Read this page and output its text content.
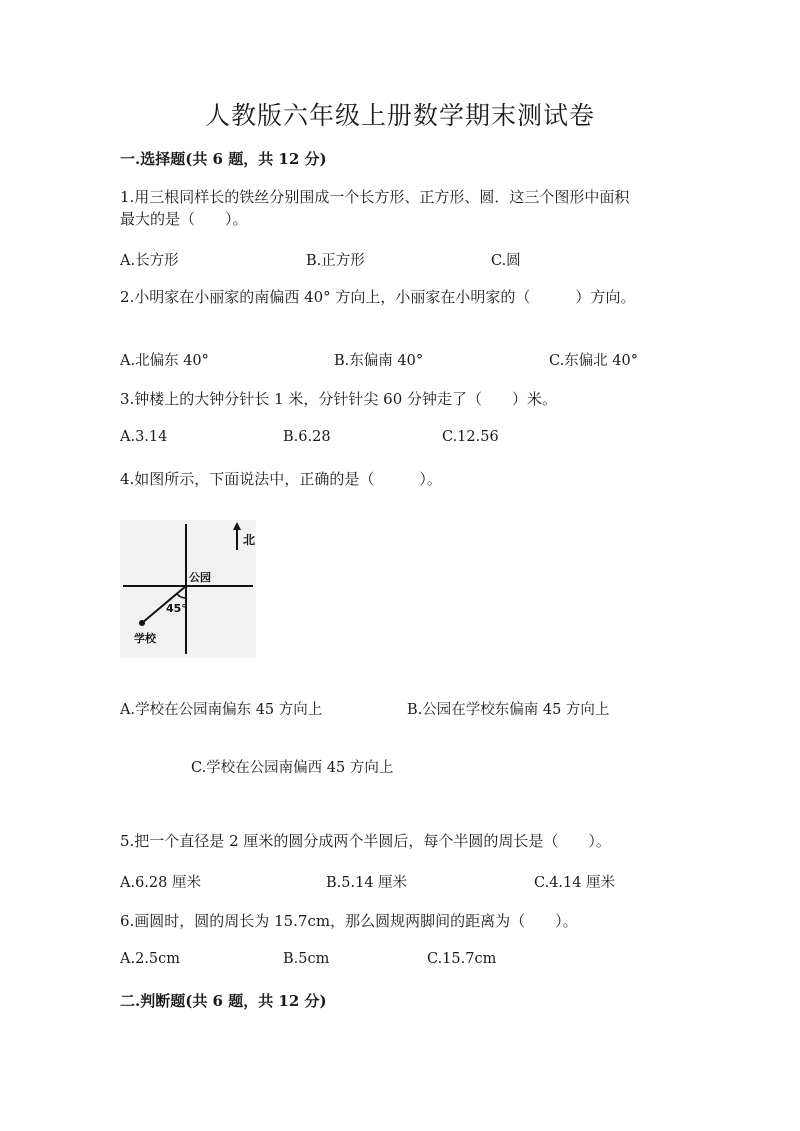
人教版六年级上册数学期末测试卷
一.选择题(共 6 题，共 12 分)
1.用三根同样长的铁丝分别围成一个长方形、正方形、圆．这三个图形中面积
最大的是（　　）。
A.长方形	B.正方形	C.圆
2.小明家在小丽家的南偏西 40° 方向上，小丽家在小明家的（　　　）方向。
A.北偏东 40°	B.东偏南 40°	C.东偏北 40°
3.钟楼上的大钟分针长 1 米，分针针尖 60 分钟走了（　　）米。
A.3.14	B.6.28	C.12.56
4.如图所示，下面说法中，正确的是（　　　）。
北
公园
45°
学校
A.学校在公园南偏东 45 方向上	B.公园在学校东偏南 45 方向上
C.学校在公园南偏西 45 方向上
5.把一个直径是 2 厘米的圆分成两个半圆后，每个半圆的周长是（　　）。
A.6.28 厘米	B.5.14 厘米	C.4.14 厘米
6.画圆时，圆的周长为 15.7cm，那么圆规两脚间的距离为（　　）。
A.2.5cm	B.5cm	C.15.7cm
二.判断题(共 6 题，共 12 分)
